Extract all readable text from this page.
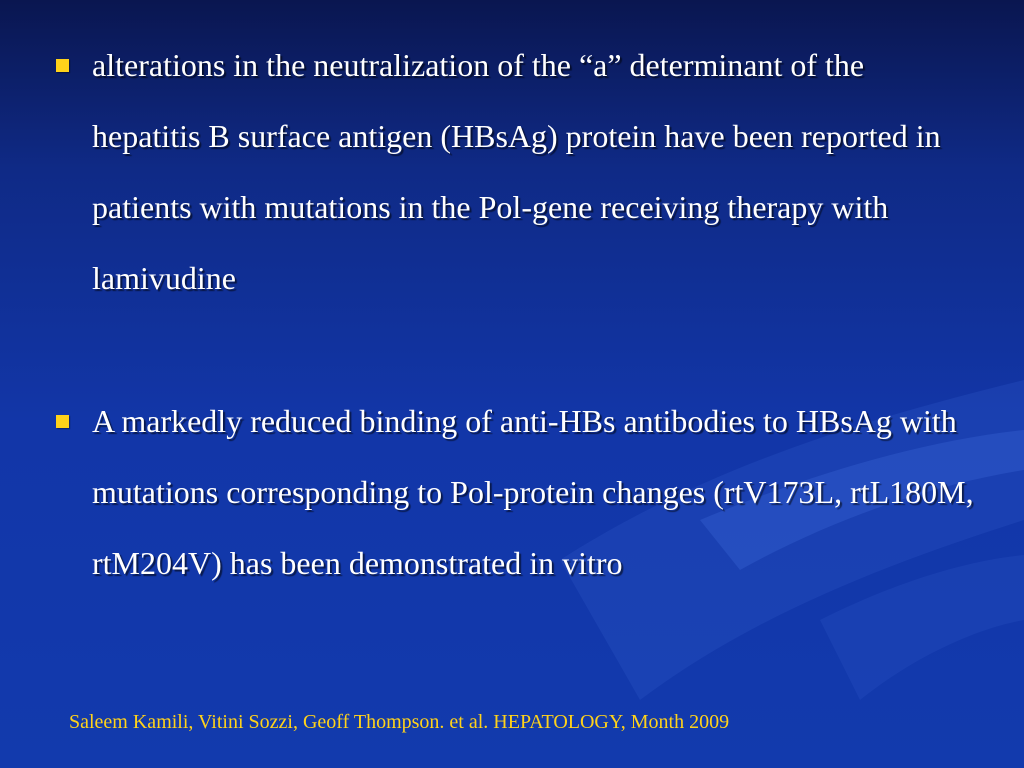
alterations in the neutralization of the “a” determinant of the hepatitis B surface antigen (HBsAg) protein have been reported in patients with mutations in the Pol-gene receiving therapy with lamivudine
A markedly reduced binding of anti-HBs antibodies to HBsAg with mutations corresponding to Pol-protein changes (rtV173L, rtL180M, rtM204V) has been demonstrated in vitro
Saleem Kamili, Vitini Sozzi, Geoff Thompson. et al. HEPATOLOGY, Month 2009
